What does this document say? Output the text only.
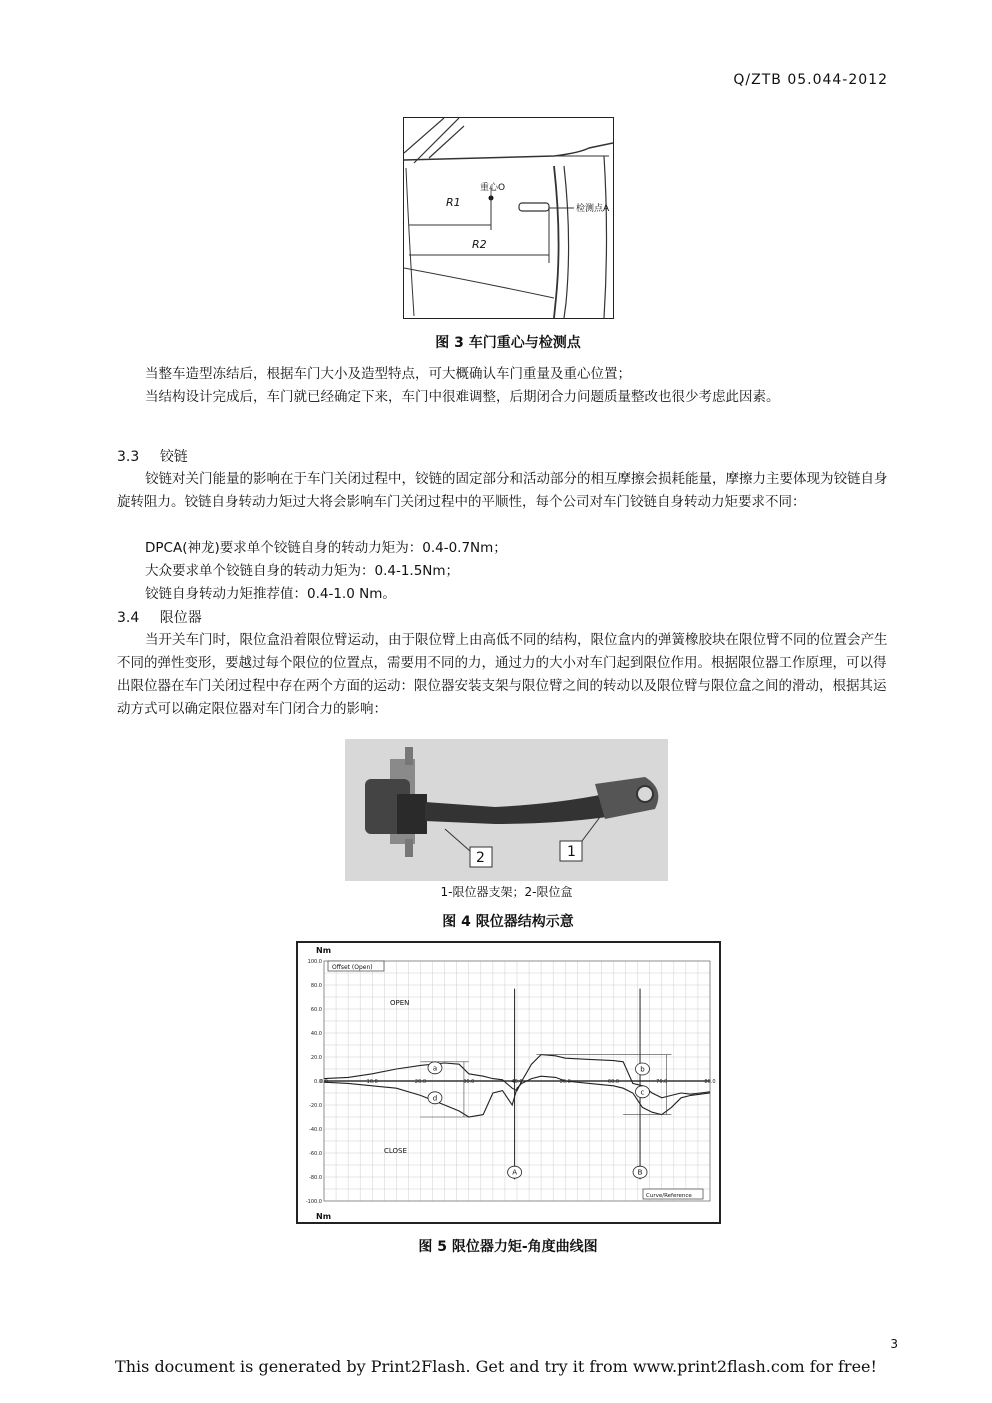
Q/ZTB 05.044-2012
重心O
检测点A
R1
R2
图 3 车门重心与检测点
当整车造型冻结后，根据车门大小及造型特点，可大概确认车门重量及重心位置；
当结构设计完成后，车门就已经确定下来，车门中很难调整，后期闭合力问题质量整改也很少考虑此因素。
3.3 铰链
铰链对关门能量的影响在于车门关闭过程中，铰链的固定部分和活动部分的相互摩擦会损耗能量，摩擦力主要体现为铰链自身旋转阻力。铰链自身转动力矩过大将会影响车门关闭过程中的平顺性，每个公司对车门铰链自身转动力矩要求不同：
DPCA(神龙)要求单个铰链自身的转动力矩为：0.4-0.7Nm；
大众要求单个铰链自身的转动力矩为：0.4-1.5Nm；
铰链自身转动力矩推荐值：0.4-1.0 Nm。
3.4 限位器
当开关车门时，限位盒沿着限位臂运动，由于限位臂上由高低不同的结构，限位盒内的弹簧橡胶块在限位臂不同的位置会产生不同的弹性变形，要越过每个限位的位置点，需要用不同的力，通过力的大小对车门起到限位作用。根据限位器工作原理，可以得出限位器在车门关闭过程中存在两个方面的运动：限位器安装支架与限位臂之间的转动以及限位臂与限位盒之间的滑动，根据其运动方式可以确定限位器对车门闭合力的影响：
2	1
1-限位器支架；2-限位盒
图 4 限位器结构示意
100.0
80.0
60.0
40.0
20.0
0.0
-20.0
-40.0
-60.0
-80.0
-100.0
0.0	10.0	20.0	30.0	40.0	50.0	60.0	70.0	80.0
Nm
Nm
Offset (Open)
Curve/Reference
OPEN
CLOSE
a	b
c
d
A	B
图 5 限位器力矩-角度曲线图
3
This document is generated by Print2Flash. Get and try it from www.print2flash.com for free!
